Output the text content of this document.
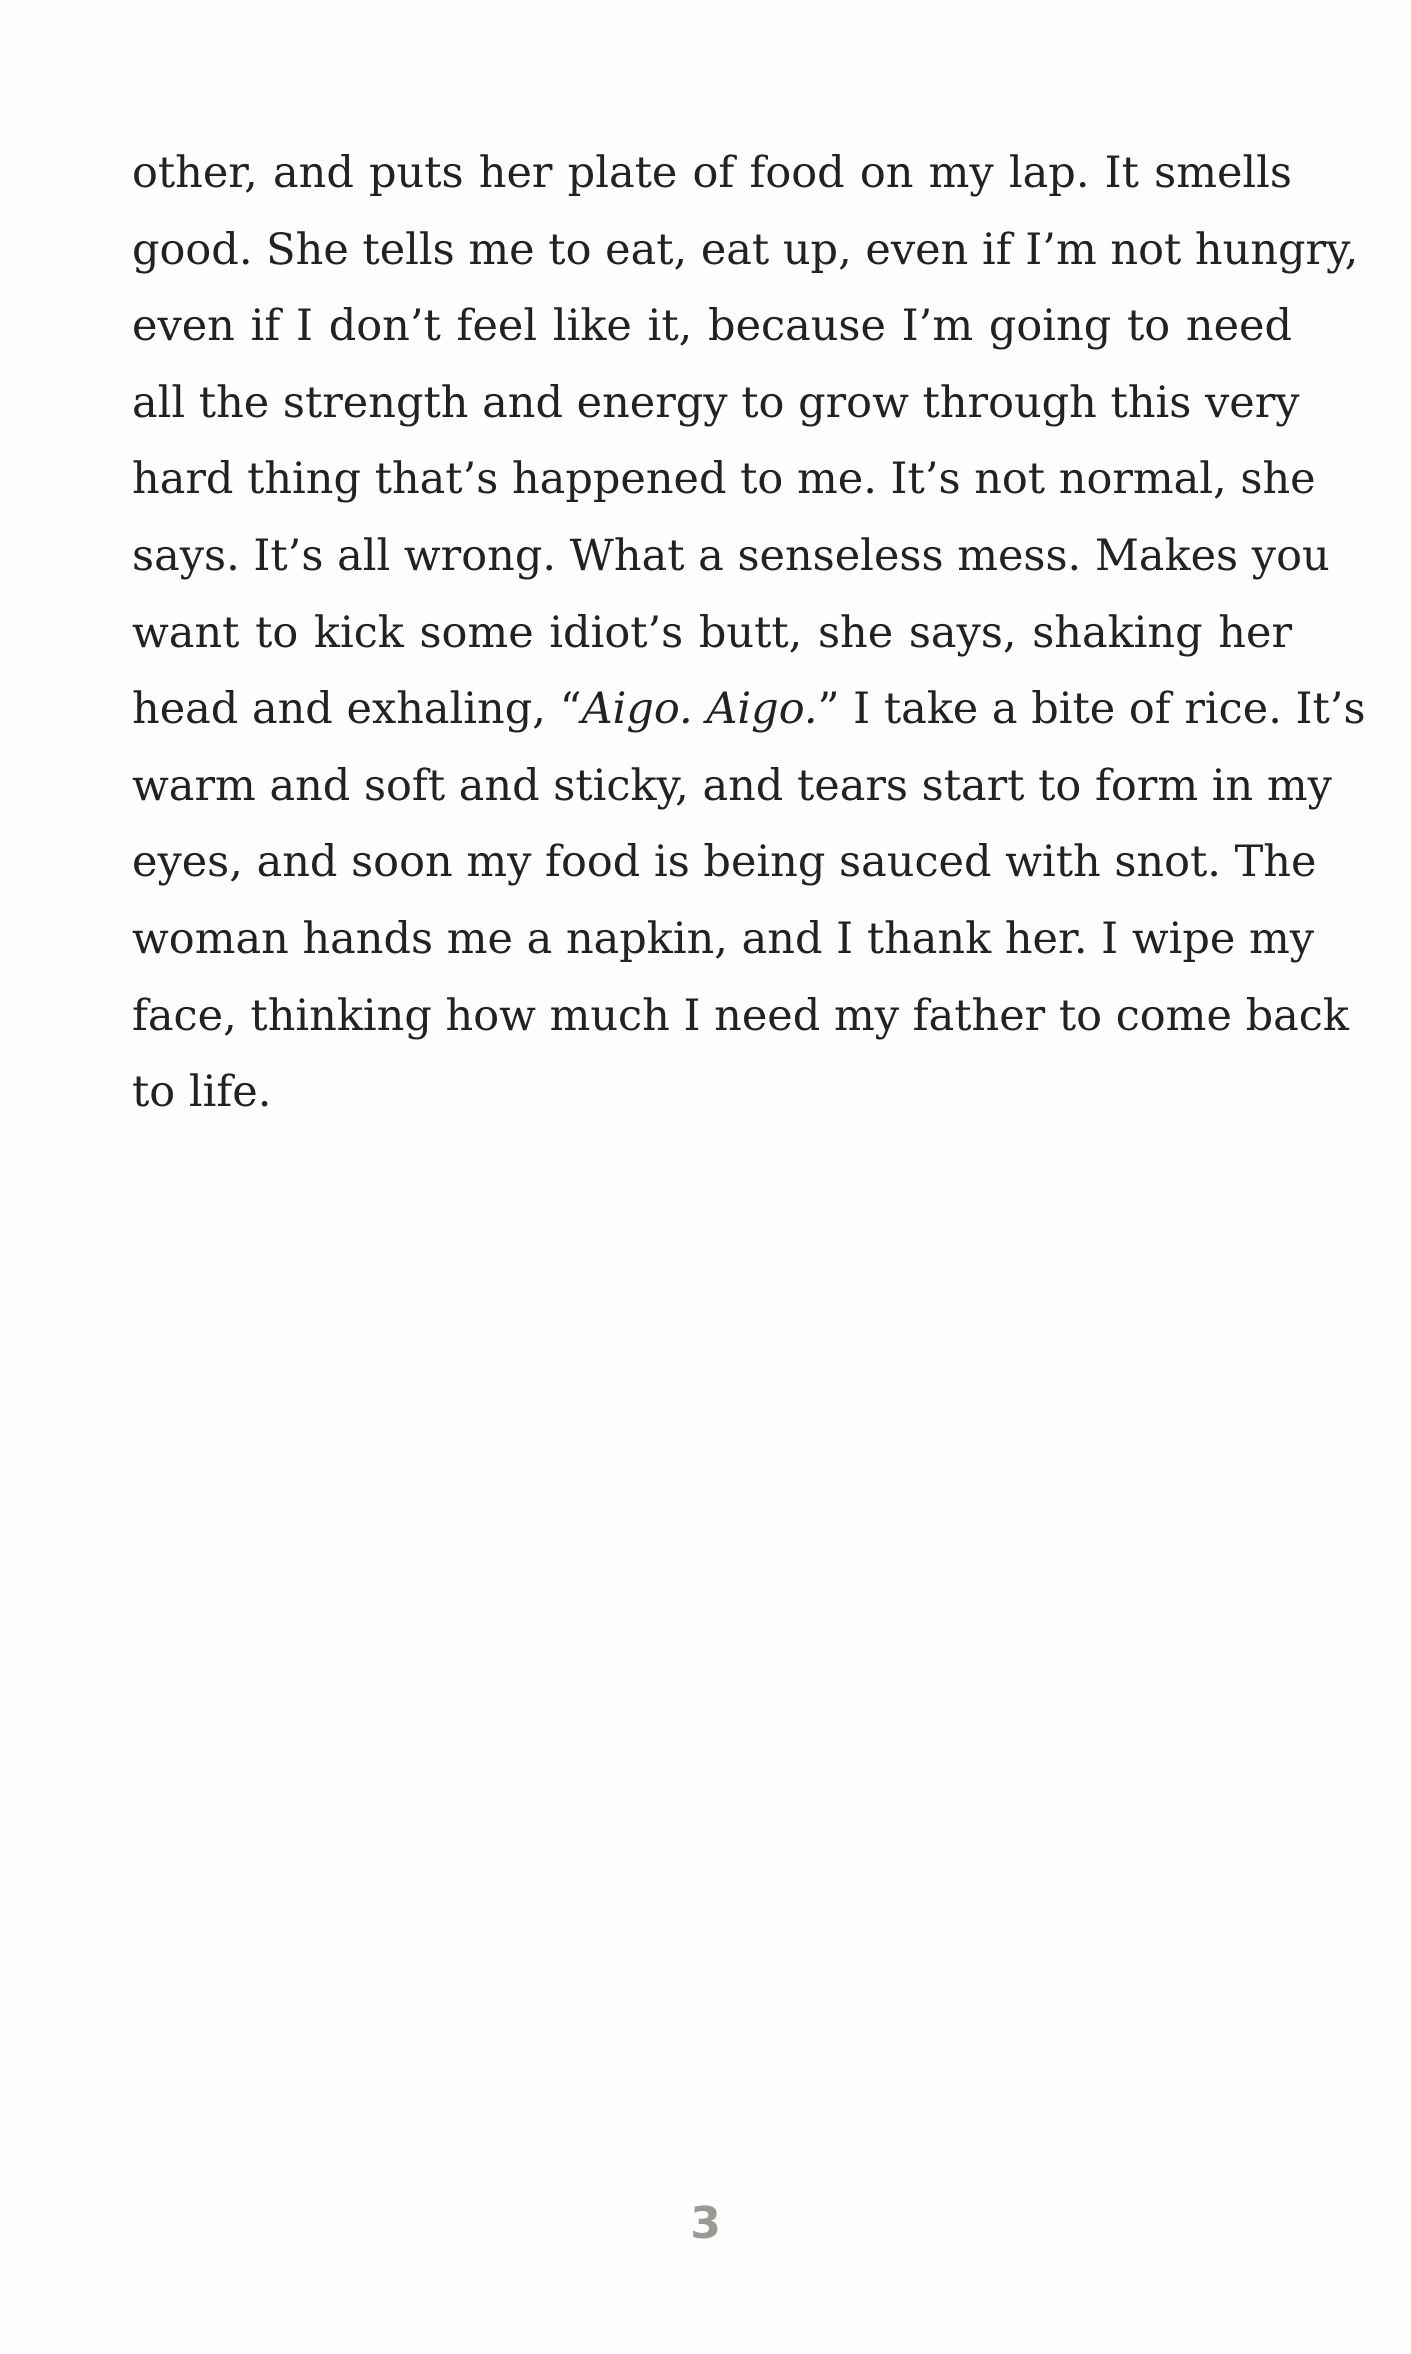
other, and puts her plate of food on my lap. It smells
good. She tells me to eat, eat up, even if I’m not hungry,
even if I don’t feel like it, because I’m going to need
all the strength and energy to grow through this very
hard thing that’s happened to me. It’s not normal, she
says. It’s all wrong. What a senseless mess. Makes you
want to kick some idiot’s butt, she says, shaking her
head and exhaling, “Aigo. Aigo.” I take a bite of rice. It’s
warm and soft and sticky, and tears start to form in my
eyes, and soon my food is being sauced with snot. The
woman hands me a napkin, and I thank her. I wipe my
face, thinking how much I need my father to come back
to life.
3
